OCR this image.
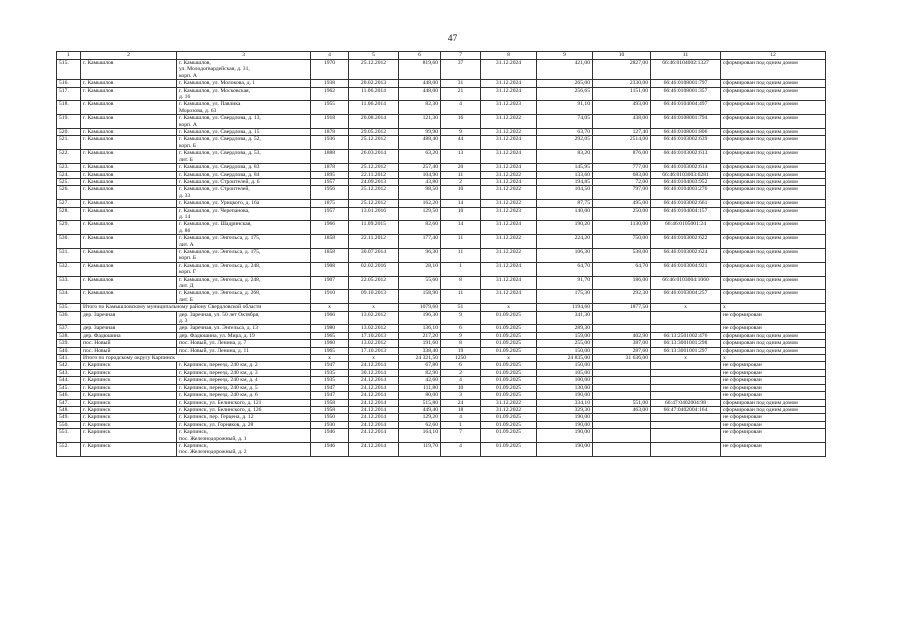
47
1	2	3	4	5	6	7	8	9	10	11	12
515.	г. Камышлов	г. Камышлов,
ул. Молодогвардейская, д. 31,
корп. А	1970	25.12.2012	819,60	37	31.12.2024	421,00	2827,00	66:46:0104002:1327	сформирован под одним домом
516.	г. Камышлов	г. Камышлов, ул. Молокова, д. 1	1938	20.02.2013	448,00	31	31.12.2024	265,00	2330,00	66:46:0108001:797	сформирован под одним домом
517.	г. Камышлов	г. Камышлов, ул. Московская,
д. 16	1962	11.06.2014	448,00	21	31.12.2024	256,65	1151,00	66:46:0108001:357	сформирован под одним домом
518.	г. Камышлов	г. Камышлов, ул. Павлика
Морозова, д. 63	1955	11.06.2014	82,30	4	31.12.2023	91,10	493,00	66:46:0104004:497	сформирован под одним домом
519.	г. Камышлов	г. Камышлов, ул. Свердлова, д. 13,
корп. А	1918	20.08.2014	121,30	16	31.12.2022	74,05	438,00	66:46:0108001:794	сформирован под одним домом
520.	г. Камышлов	г. Камышлов, ул. Свердлова, д. 15	1878	29.05.2012	99,90	9	31.12.2022	63,70	127,40	66:46:0108001:806	сформирован под одним домом
521.	г. Камышлов	г. Камышлов, ул. Свердлова, д. 52,
корп. Б	1936	25.12.2012	488,40	44	31.12.2024	292,05	2514,00	66:46:0103002:639	сформирован под одним домом
522.	г. Камышлов	г. Камышлов, ул. Свердлова, д. 53,
лит. Б	1888	26.03.2014	63,20	13	31.12.2024	83,20	876,00	66:46:0103002:613	сформирован под одним домом
523.	г. Камышлов	г. Камышлов, ул. Свердлова, д. 83	1878	25.12.2012	257,40	20	31.12.2024	145,95	777,00	66:46:0103002:614	сформирован под одним домом
524.	г. Камышлов	г. Камышлов, ул. Свердлова, д. 84	1895	22.11.2012	104,90	11	31.12.2022	133,60	683,00	66:46:0103003:6281	сформирован под одним домом
525.	г. Камышлов	г. Камышлов, ул. Строителей, д. 6	1957	24.09.2013	43,80	2	31.12.2024	194,85	72,00	66:46:0104003:952	сформирован под одним домом
526.	г. Камышлов	г. Камышлов, ул. Строителей,
д. 33	1956	25.12.2012	98,50	10	31.12.2022	104,50	797,00	66:46:0104003:276	сформирован под одним домом
527.	г. Камышлов	г. Камышлов, ул. Урицкого, д. 16а	1875	25.12.2012	162,20	14	31.12.2022	87,75	495,00	66:46:0103002:661	сформирован под одним домом
528.	г. Камышлов	г. Камышлов, ул. Черепанова,
д. 14	1957	13.01.2016	129,50	10	31.12.2023	140,00	250,00	66:46:0104004:157	сформирован под одним домом
529.	г. Камышлов	г. Камышлов, ул. Шадринская,
д. 86	1966	11.09.2015	82,60	14	31.12.2024	190,20	1130,00	66:46:0105001:24	сформирован под одним домом
530.	г. Камышлов	г. Камышлов, ул. Энгельса, д. 175,
лит. А	1858	22.11.2012	177,40	11	31.12.2022	224,20	750,00	66:46:0103002:622	сформирован под одним домом
531.	г. Камышлов	г. Камышлов, ул. Энгельса, д. 175,
корп. Б	1858	30.07.2014	96,30	11	31.12.2022	106,30	538,00	66:46:0103002:624	сформирован под одним домом
532.	г. Камышлов	г. Камышлов, ул. Энгельса, д. 248,
корп. Г	1908	02.02.2016	28,10	1	31.12.2024	64,70	64,70	66:46:0103004:921	сформирован под одним домом
533.	г. Камышлов	г. Камышлов, ул. Энгельса, д. 248,
лит. Д	1907	22.05.2012	55,60	8	31.12.2024	91,70	186,00	66:46:0103004:1060	сформирован под одним домом
534.	г. Камышлов	г. Камышлов, ул. Энгельса, д. 268,
лит. Б	1910	09.10.2013	158,90	11	31.12.2024	175,30	292,30	66:46:0103004:257	сформирован под одним домом
535.	Итого по Камышловскому муниципальному району Свердловской области		x	x	1079,60	51	x	1194,60	1877,50	x	x
536.	дер. Заречная	дер. Заречная, ул. 50 лет Октября,
д. 3	1966	13.02.2012	196,30	9	01.09.2025	341,30			не сформирован
537.	дер. Заречная	дер. Заречная, ул. Энгельса, д. 13	1980	13.02.2012	136,10	6	01.09.2025	289,30			не сформирован
538.	дер. Фадюшина	дер. Фадюшина, ул. Мира, д. 19	1965	17.10.2013	217,20	9	01.09.2025	159,00	402,90	66:13:2501002:476	сформирован под одним домом
539.	пос. Новый	пос. Новый, ул. Ленина, д. 7	1960	13.02.2012	191,60	8	01.09.2025	255,00	387,00	66:13:3001001:298	сформирован под одним домом
540.	пос. Новый	пос. Новый, ул. Ленина, д. 11	1965	17.10.2013	338,40	19	01.09.2025	150,00	287,60	66:13:3001001:297	сформирован под одним домом
541.	Итого по городскому округу Карпинск		x	x	24 321,50	1250	x	24 835,00	31 636,00	x	x
542.	г. Карпинск	г. Карпинск, переезд. 240 км, д. 2	1947	24.12.2014	67,80	6	01.09.2025	150,00			не сформирован
543.	г. Карпинск	г. Карпинск, переезд. 240 км, д. 3	1935	30.12.2014	82,90	2	01.09.2025	105,00			не сформирован
544.	г. Карпинск	г. Карпинск, переезд. 240 км, д. 4	1935	24.12.2014	42,60	4	01.09.2025	100,00			не сформирован
545.	г. Карпинск	г. Карпинск, переезд. 240 км, д. 5	1947	24.12.2014	111,80	10	01.09.2025	130,00			не сформирован
546.	г. Карпинск	г. Карпинск, переезд. 240 км, д. 6	1947	24.12.2014	80,00	3	01.09.2025	190,00			не сформирован
547.	г. Карпинск	г. Карпинск, ул. Белинского, д. 121	1958	24.12.2014	515,80	24	31.12.2022	334,10	551,00	66:47:0402004:98	сформирован под одним домом
548.	г. Карпинск	г. Карпинск, ул. Белинского, д. 126	1958	24.12.2014	449,40	18	31.12.2022	329,30	463,00	66:47:0402004:164	сформирован под одним домом
549.	г. Карпинск	г. Карпинск, пер. Герцена, д. 12	1950	24.12.2014	129,20	4	01.09.2025	190,00			не сформирован
550.	г. Карпинск	г. Карпинск, ул. Горняков, д. 28	1930	24.12.2014	62,60	1	01.09.2025	190,00			не сформирован
551.	г. Карпинск	г. Карпинск,
пос. Железнодорожный, д. 1	1946	24.12.2014	164,10	7	01.09.2025	190,00			не сформирован
552.	г. Карпинск	г. Карпинск,
пос. Железнодорожный, д. 2	1946	24.12.2014	119,70	4	01.09.2025	190,00			не сформирован
